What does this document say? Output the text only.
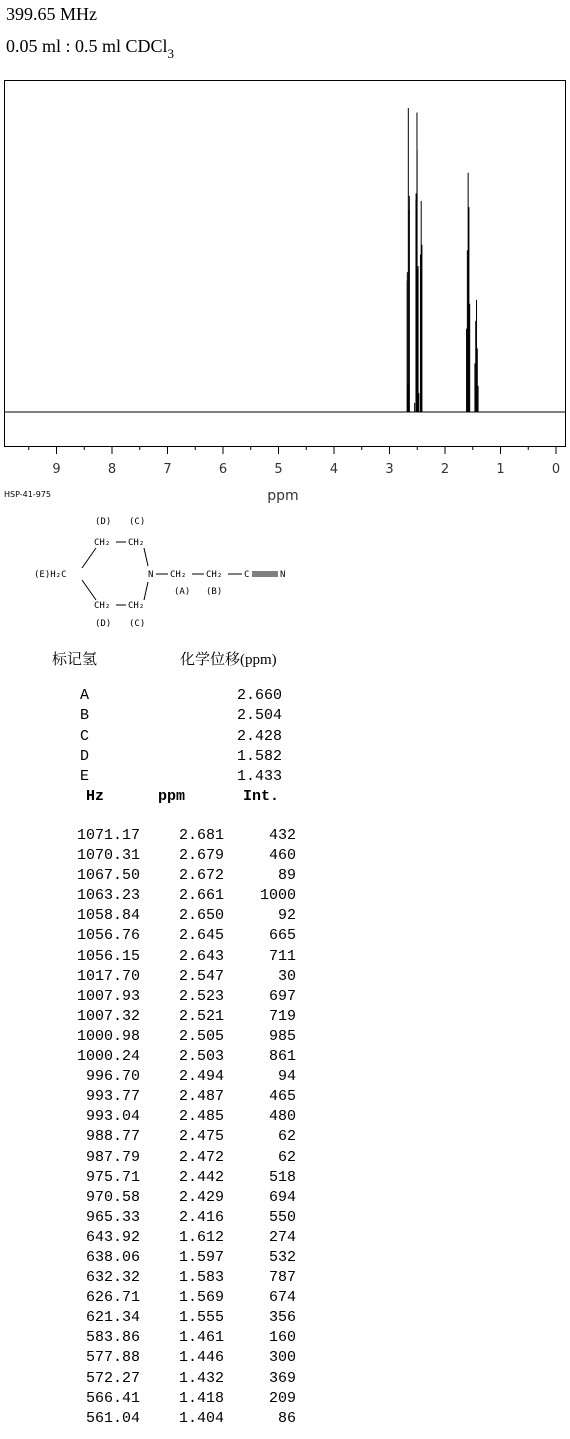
399.65 MHz
0.05 ml : 0.5 ml CDCl$_3$
9	8	7	6	5	4	3	2	1	0
ppm
HSP-41-975
(D) (C)
CH₂ CH₂
(E)H₂C	N CH₂ CH₂ C	N
(A) (B)
CH₂ CH₂
(D) (C)
标记氢	化学位移(ppm)
A	2.660
B	2.504
C	2.428
D	1.582
E	1.433
Hz	ppm	Int.
1071.17	2.681	432
1070.31	2.679	460
1067.50	2.672	89
1063.23	2.661	1000
1058.84	2.650	92
1056.76	2.645	665
1056.15	2.643	711
1017.70	2.547	30
1007.93	2.523	697
1007.32	2.521	719
1000.98	2.505	985
1000.24	2.503	861
996.70	2.494	94
993.77	2.487	465
993.04	2.485	480
988.77	2.475	62
987.79	2.472	62
975.71	2.442	518
970.58	2.429	694
965.33	2.416	550
643.92	1.612	274
638.06	1.597	532
632.32	1.583	787
626.71	1.569	674
621.34	1.555	356
583.86	1.461	160
577.88	1.446	300
572.27	1.432	369
566.41	1.418	209
561.04	1.404	86
